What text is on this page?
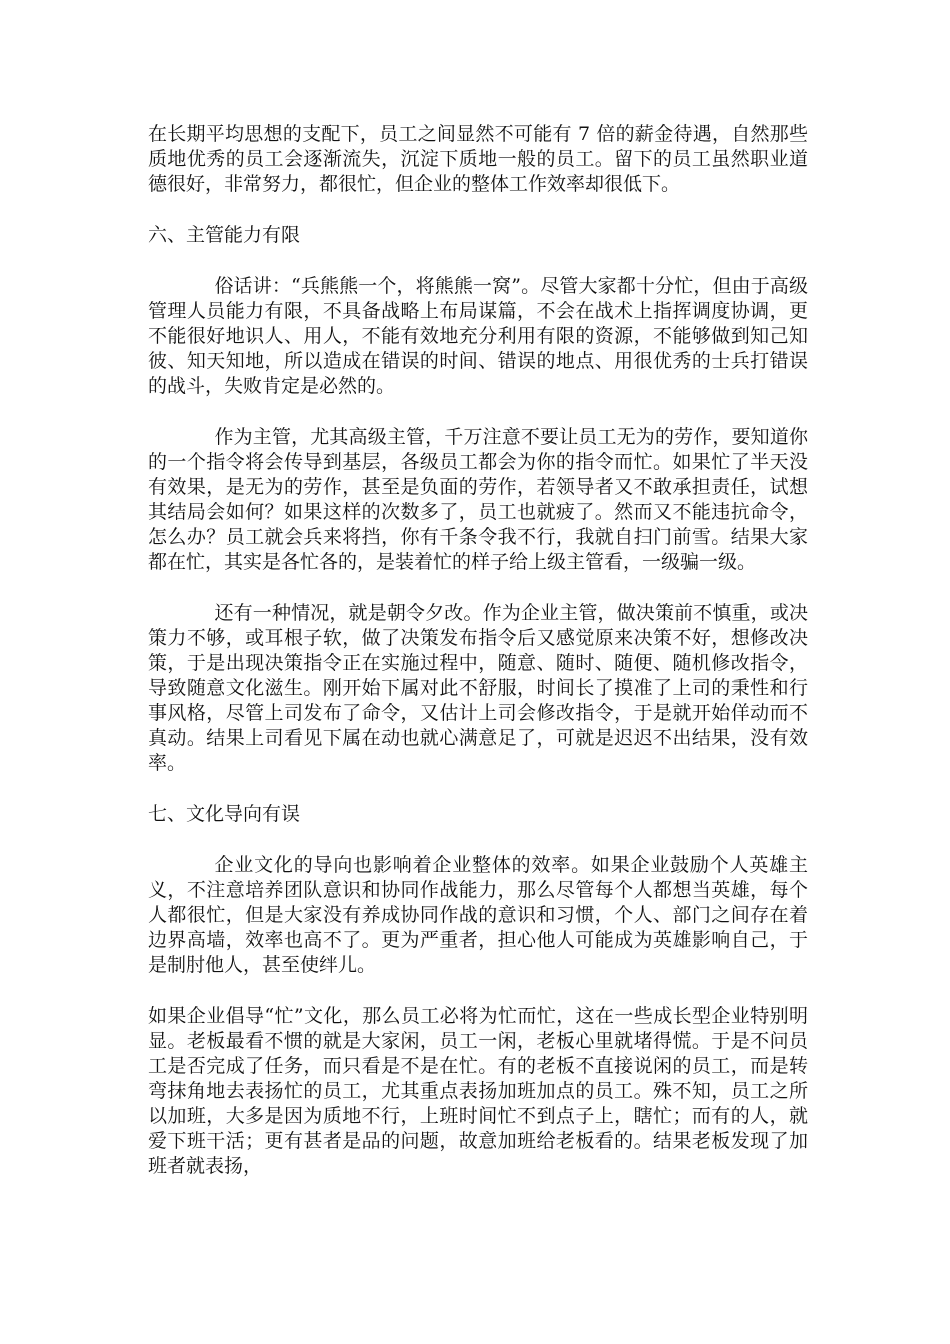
在长期平均思想的支配下，员工之间显然不可能有 7 倍的薪金待遇，自然那些质地优秀的员工会逐渐流失，沉淀下质地一般的员工。留下的员工虽然职业道德很好，非常努力，都很忙，但企业的整体工作效率却很低下。

六、主管能力有限

俗话讲：“兵熊熊一个，将熊熊一窝”。尽管大家都十分忙，但由于高级管理人员能力有限，不具备战略上布局谋篇，不会在战术上指挥调度协调，更不能很好地识人、用人，不能有效地充分利用有限的资源，不能够做到知己知彼、知天知地，所以造成在错误的时间、错误的地点、用很优秀的士兵打错误的战斗，失败肯定是必然的。

作为主管，尤其高级主管，千万注意不要让员工无为的劳作，要知道你的一个指令将会传导到基层，各级员工都会为你的指令而忙。如果忙了半天没有效果，是无为的劳作，甚至是负面的劳作，若领导者又不敢承担责任，试想其结局会如何？如果这样的次数多了，员工也就疲了。然而又不能违抗命令，怎么办？员工就会兵来将挡，你有千条令我不行，我就自扫门前雪。结果大家都在忙，其实是各忙各的，是装着忙的样子给上级主管看，一级骗一级。

还有一种情况，就是朝令夕改。作为企业主管，做决策前不慎重，或决策力不够，或耳根子软，做了决策发布指令后又感觉原来决策不好，想修改决策，于是出现决策指令正在实施过程中，随意、随时、随便、随机修改指令，导致随意文化滋生。刚开始下属对此不舒服，时间长了摸准了上司的秉性和行事风格，尽管上司发布了命令，又估计上司会修改指令，于是就开始佯动而不真动。结果上司看见下属在动也就心满意足了，可就是迟迟不出结果，没有效率。

七、文化导向有误

企业文化的导向也影响着企业整体的效率。如果企业鼓励个人英雄主义，不注意培养团队意识和协同作战能力，那么尽管每个人都想当英雄，每个人都很忙，但是大家没有养成协同作战的意识和习惯，个人、部门之间存在着边界高墙，效率也高不了。更为严重者，担心他人可能成为英雄影响自己，于是制肘他人，甚至使绊儿。

如果企业倡导“忙”文化，那么员工必将为忙而忙，这在一些成长型企业特别明显。老板最看不惯的就是大家闲，员工一闲，老板心里就堵得慌。于是不问员工是否完成了任务，而只看是不是在忙。有的老板不直接说闲的员工，而是转弯抹角地去表扬忙的员工，尤其重点表扬加班加点的员工。殊不知，员工之所以加班，大多是因为质地不行，上班时间忙不到点子上，瞎忙；而有的人，就爱下班干活；更有甚者是品的问题，故意加班给老板看的。结果老板发现了加班者就表扬，
